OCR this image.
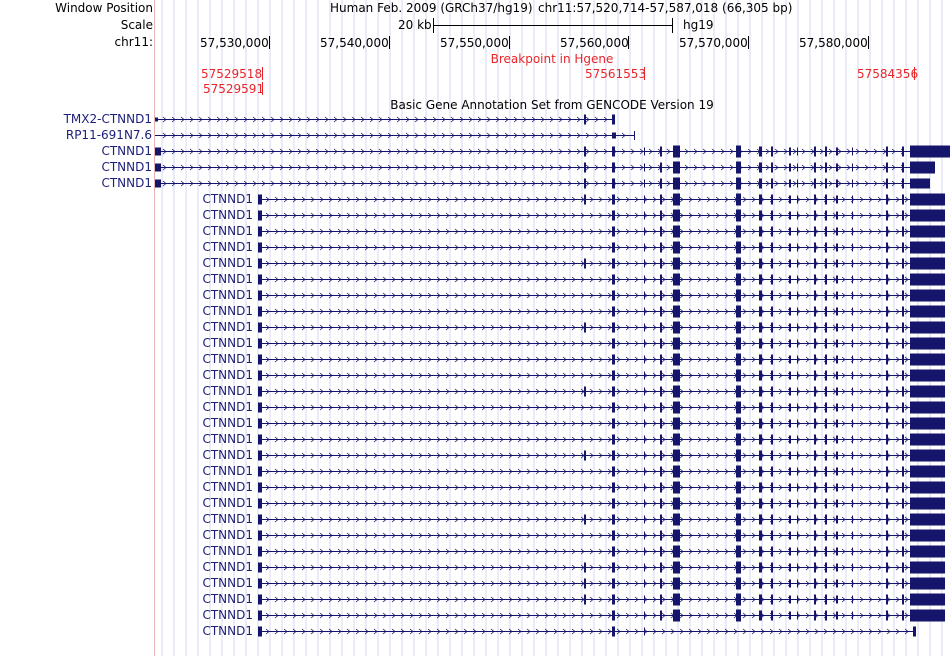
Window Position
Scale
chr11:
Human Feb. 2009 (GRCh37/hg19) chr11:57,520,714-57,587,018 (66,305 bp)
20 kb	hg19
57,530,000	57,540,000	57,550,000	57,560,000	57,570,000	57,580,000
Breakpoint in Hgene
57529518
57529591
57561553	57584356
Basic Gene Annotation Set from GENCODE Version 19
TMX2-CTNND1
RP11-691N7.6
CTNND1
CTNND1
CTNND1
CTNND1
CTNND1
CTNND1
CTNND1
CTNND1
CTNND1
CTNND1
CTNND1
CTNND1
CTNND1
CTNND1
CTNND1
CTNND1
CTNND1
CTNND1
CTNND1
CTNND1
CTNND1
CTNND1
CTNND1
CTNND1
CTNND1
CTNND1
CTNND1
CTNND1
CTNND1
CTNND1
CTNND1
